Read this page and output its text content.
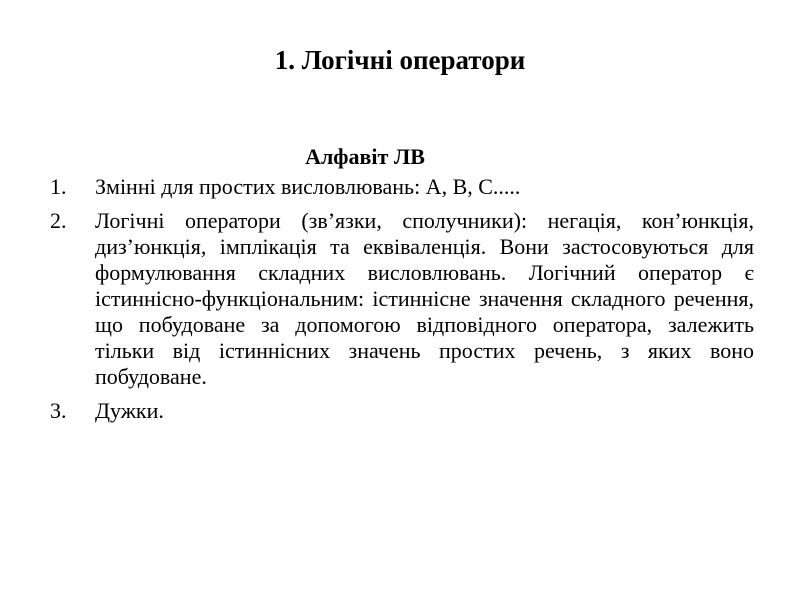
1. Логічні оператори
Алфавіт ЛВ
1.	Змінні для простих висловлювань: A, B, C.....
2.	Логічні оператори (зв’язки, сполучники): негація, кон’юнкція, диз’юнкція, імплікація та еквіваленція. Вони застосовуються для формулювання складних висловлювань. Логічний оператор є істиннісно-функціональним: істиннісне значення складного речення, що побудоване за допомогою відповідного оператора, залежить тільки від істиннісних значень простих речень, з яких воно побудоване.
3.	Дужки.
